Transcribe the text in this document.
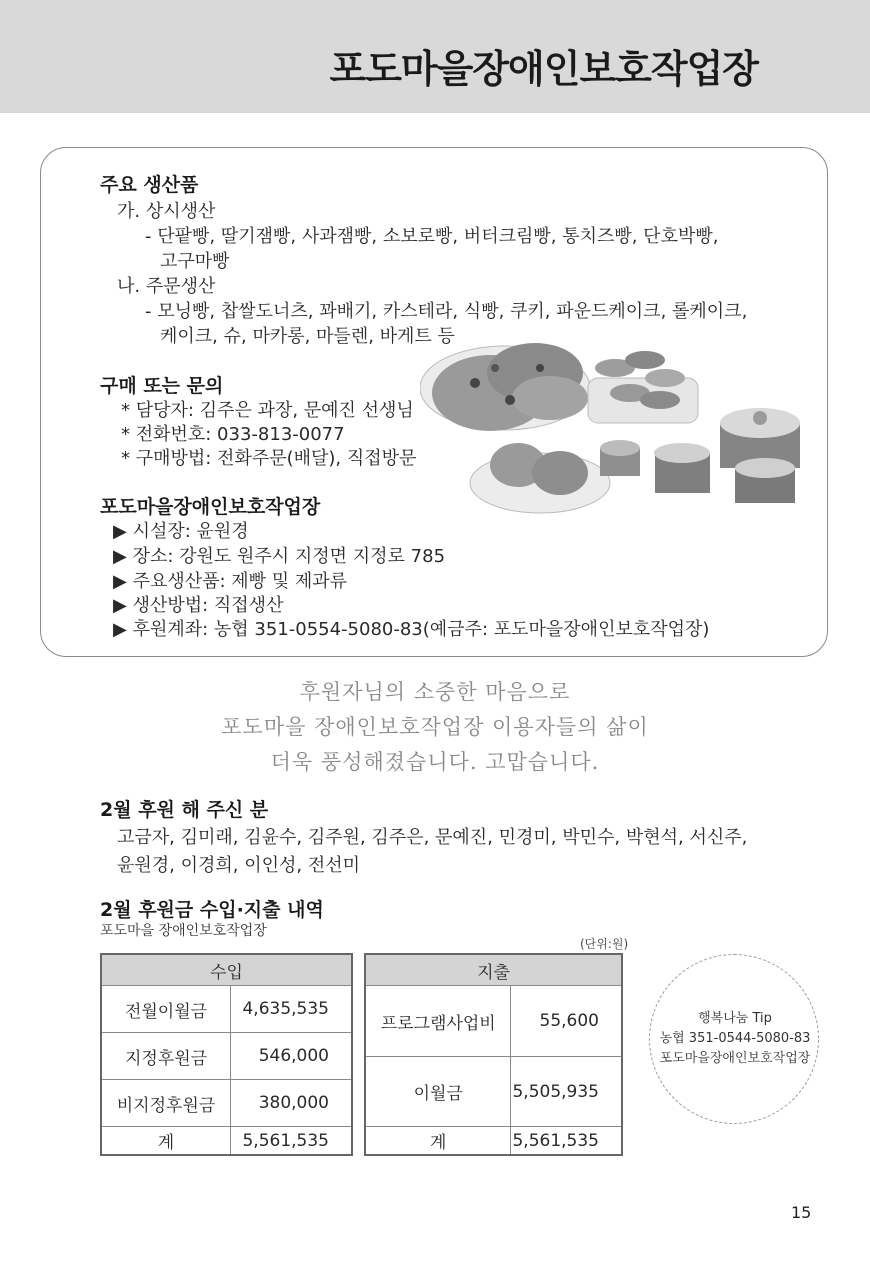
포도마을장애인보호작업장
주요 생산품
가. 상시생산
- 단팥빵, 딸기잼빵, 사과잼빵, 소보로빵, 버터크림빵, 통치즈빵, 단호박빵,
고구마빵
나. 주문생산
- 모닝빵, 찹쌀도너츠, 꽈배기, 카스테라, 식빵, 쿠키, 파운드케이크, 롤케이크,
케이크, 슈, 마카롱, 마들렌, 바게트 등
구매 또는 문의
* 담당자: 김주은 과장, 문예진 선생님
* 전화번호: 033-813-0077
* 구매방법: 전화주문(배달), 직접방문
포도마을장애인보호작업장
▶ 시설장: 윤원경
▶ 장소: 강원도 원주시 지정면 지정로 785
▶ 주요생산품: 제빵 및 제과류
▶ 생산방법: 직접생산
▶ 후원계좌: 농협 351-0554-5080-83(예금주: 포도마을장애인보호작업장)
후원자님의 소중한 마음으로
포도마을 장애인보호작업장 이용자들의 삶이
더욱 풍성해졌습니다. 고맙습니다.
2월 후원 해 주신 분
고금자, 김미래, 김윤수, 김주원, 김주은, 문예진, 민경미, 박민수, 박현석, 서신주,
윤원경, 이경희, 이인성, 전선미
2월 후원금 수입·지출 내역
포도마을 장애인보호작업장
(단위:원)
수입	
전월이월금	4,635,535
지정후원금	546,000
비지정후원금	380,000
계	5,561,535
지출	
프로그램사업비	55,600
이월금	5,505,935
계	5,561,535
행복나눔 Tip
농협 351-0544-5080-83
포도마을장애인보호작업장
15
